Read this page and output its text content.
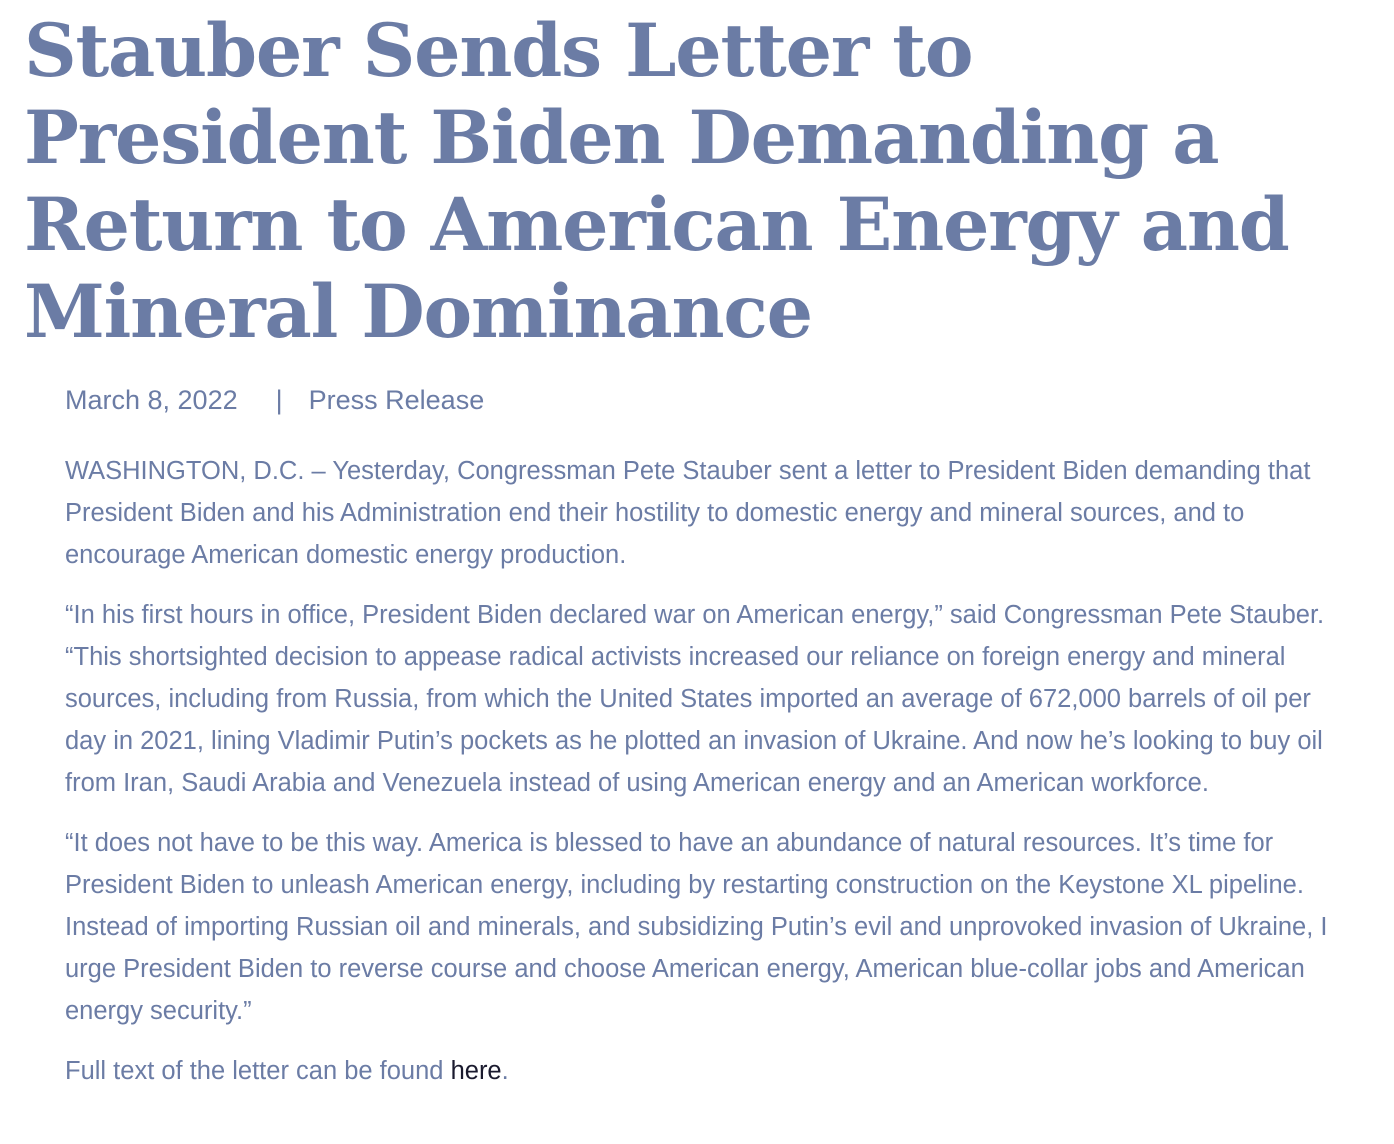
Stauber Sends Letter to President Biden Demanding a Return to American Energy and Mineral Dominance
March 8, 2022 | Press Release

WASHINGTON, D.C. – Yesterday, Congressman Pete Stauber sent a letter to President Biden demanding that President Biden and his Administration end their hostility to domestic energy and mineral sources, and to encourage American domestic energy production.

“In his first hours in office, President Biden declared war on American energy,” said Congressman Pete Stauber. “This shortsighted decision to appease radical activists increased our reliance on foreign energy and mineral sources, including from Russia, from which the United States imported an average of 672,000 barrels of oil per day in 2021, lining Vladimir Putin’s pockets as he plotted an invasion of Ukraine. And now he’s looking to buy oil from Iran, Saudi Arabia and Venezuela instead of using American energy and an American workforce.

“It does not have to be this way. America is blessed to have an abundance of natural resources. It’s time for President Biden to unleash American energy, including by restarting construction on the Keystone XL pipeline. Instead of importing Russian oil and minerals, and subsidizing Putin’s evil and unprovoked invasion of Ukraine, I urge President Biden to reverse course and choose American energy, American blue-collar jobs and American energy security.”

Full text of the letter can be found here.
